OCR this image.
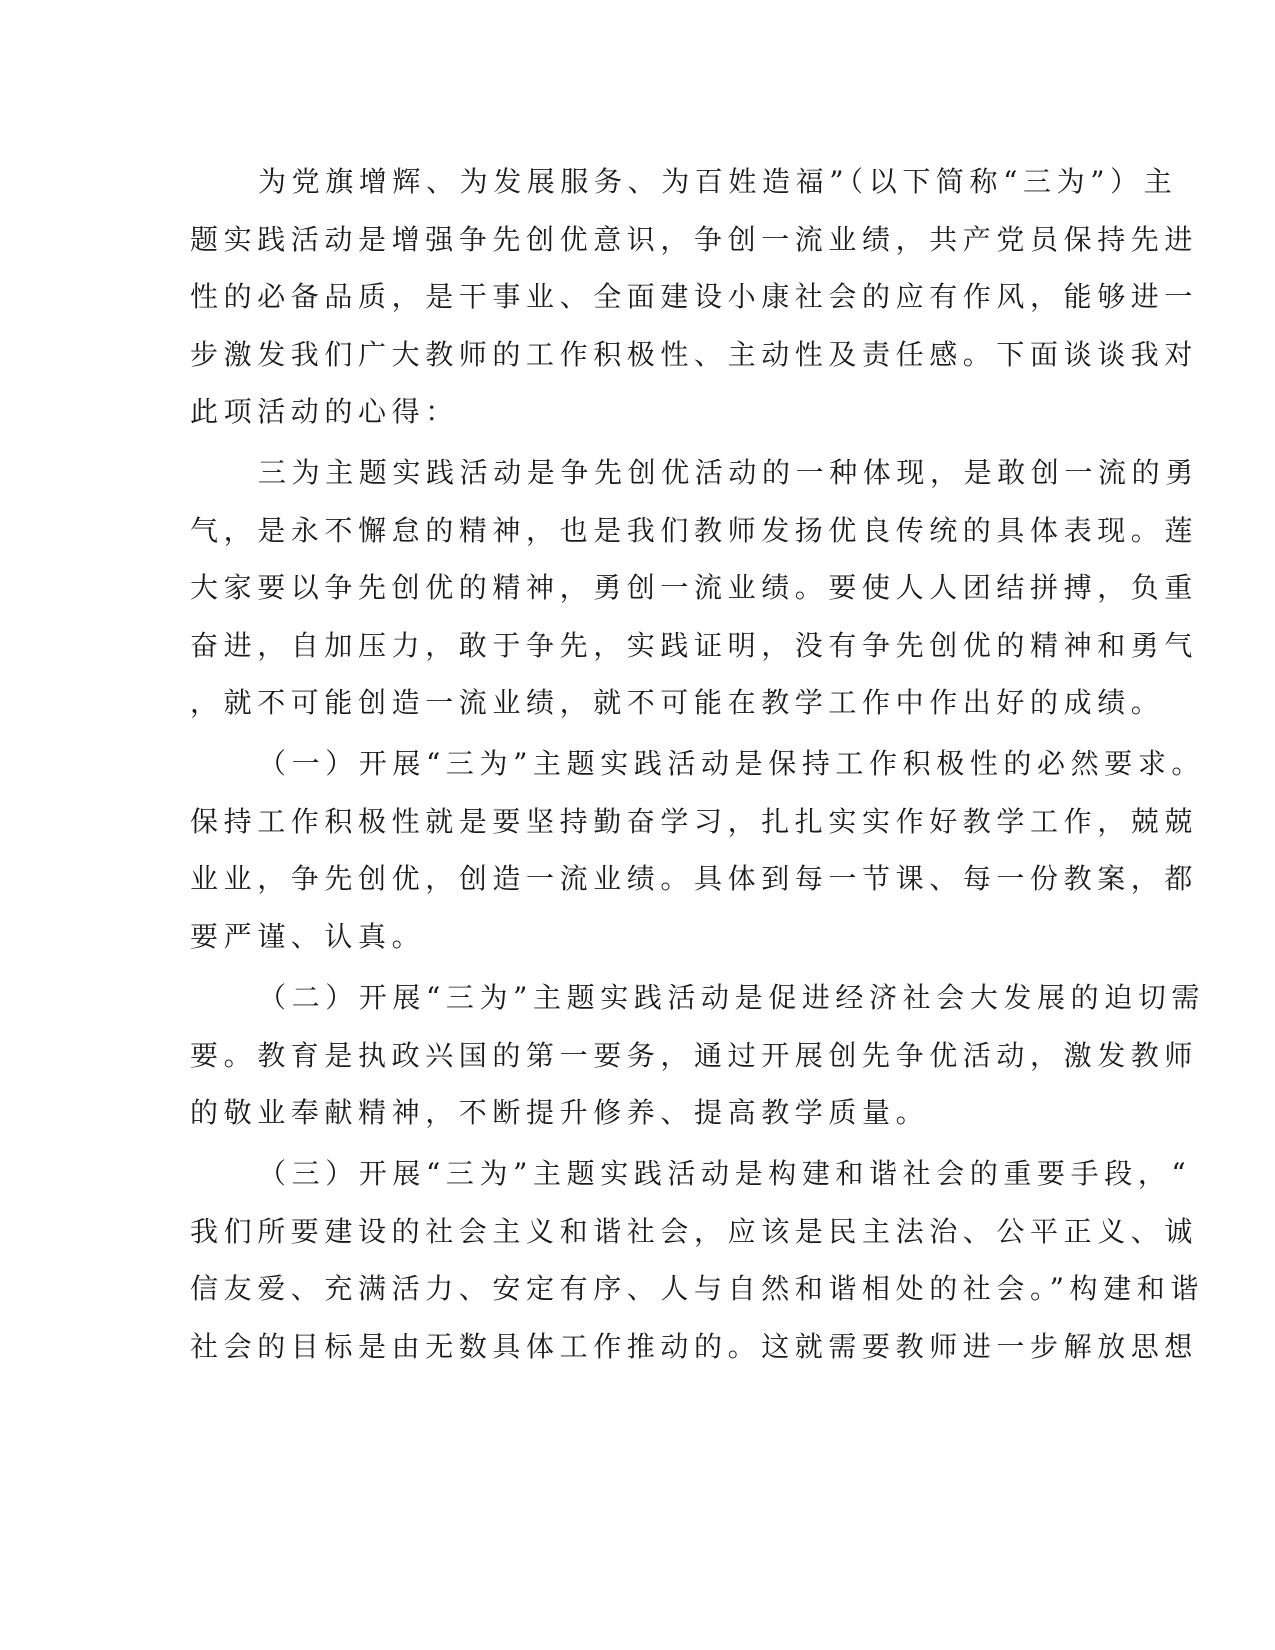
为党旗增辉、为发展服务、为百姓造福”（以下简称“三为”）主
题实践活动是增强争先创优意识，争创一流业绩，共产党员保持先进
性的必备品质，是干事业、全面建设小康社会的应有作风，能够进一
步激发我们广大教师的工作积极性、主动性及责任感。下面谈谈我对
此项活动的心得：
三为主题实践活动是争先创优活动的一种体现，是敢创一流的勇
气，是永不懈怠的精神，也是我们教师发扬优良传统的具体表现。莲
大家要以争先创优的精神，勇创一流业绩。要使人人团结拼搏，负重
奋进，自加压力，敢于争先，实践证明，没有争先创优的精神和勇气
，就不可能创造一流业绩，就不可能在教学工作中作出好的成绩。
（一）开展“三为”主题实践活动是保持工作积极性的必然要求。
保持工作积极性就是要坚持勤奋学习，扎扎实实作好教学工作，兢兢
业业，争先创优，创造一流业绩。具体到每一节课、每一份教案，都
要严谨、认真。
（二）开展“三为”主题实践活动是促进经济社会大发展的迫切需
要。教育是执政兴国的第一要务，通过开展创先争优活动，激发教师
的敬业奉献精神，不断提升修养、提高教学质量。
（三）开展“三为”主题实践活动是构建和谐社会的重要手段，“
我们所要建设的社会主义和谐社会，应该是民主法治、公平正义、诚
信友爱、充满活力、安定有序、人与自然和谐相处的社会。”构建和谐
社会的目标是由无数具体工作推动的。这就需要教师进一步解放思想
